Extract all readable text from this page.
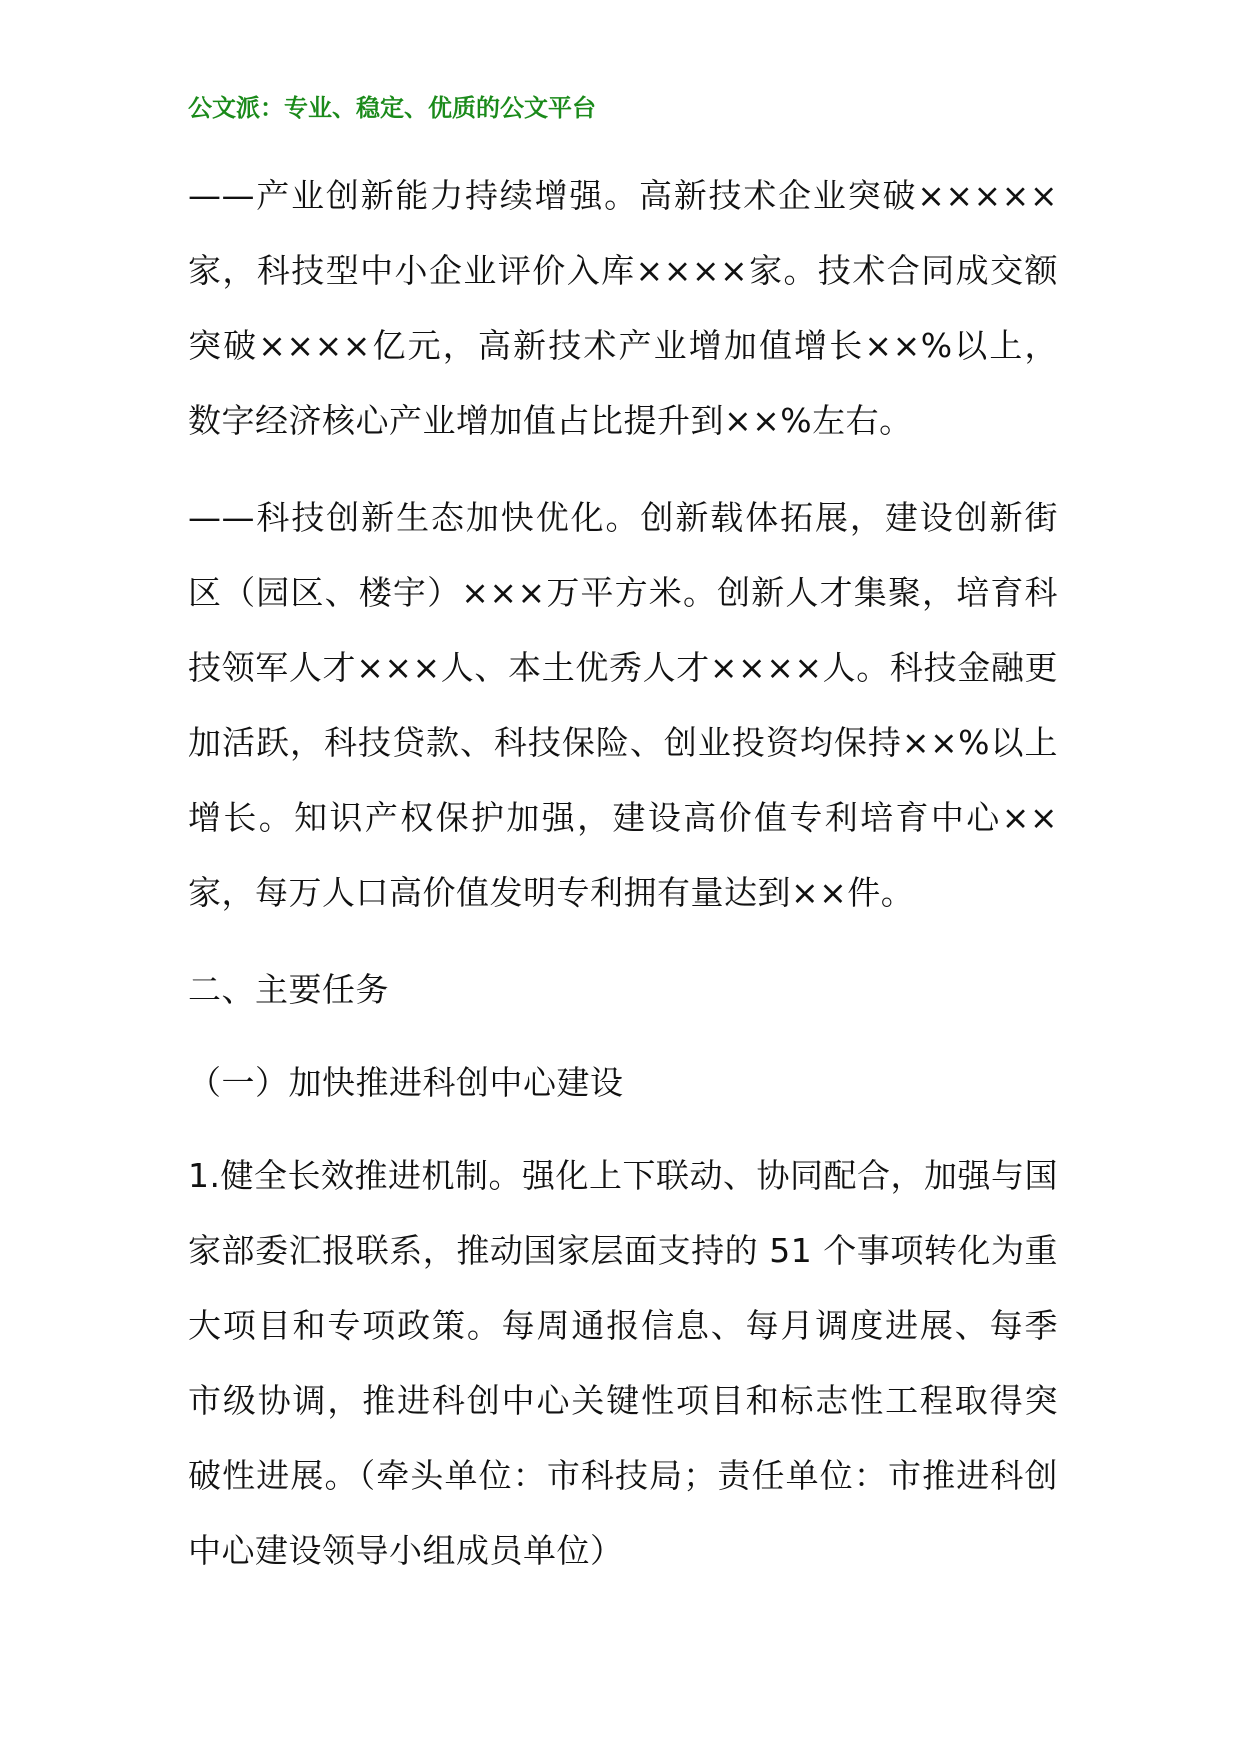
公文派：专业、稳定、优质的公文平台
——产业创新能力持续增强。高新技术企业突破×××××家，科技型中小企业评价入库××××家。技术合同成交额突破××××亿元，高新技术产业增加值增长××%以上，数字经济核心产业增加值占比提升到××%左右。
——科技创新生态加快优化。创新载体拓展，建设创新街区（园区、楼宇）×××万平方米。创新人才集聚，培育科技领军人才×××人、本土优秀人才××××人。科技金融更加活跃，科技贷款、科技保险、创业投资均保持××%以上增长。知识产权保护加强，建设高价值专利培育中心××家，每万人口高价值发明专利拥有量达到××件。
二、主要任务
（一）加快推进科创中心建设
1.健全长效推进机制。强化上下联动、协同配合，加强与国家部委汇报联系，推动国家层面支持的 51 个事项转化为重大项目和专项政策。每周通报信息、每月调度进展、每季市级协调，推进科创中心关键性项目和标志性工程取得突破性进展。（牵头单位：市科技局；责任单位：市推进科创中心建设领导小组成员单位）
